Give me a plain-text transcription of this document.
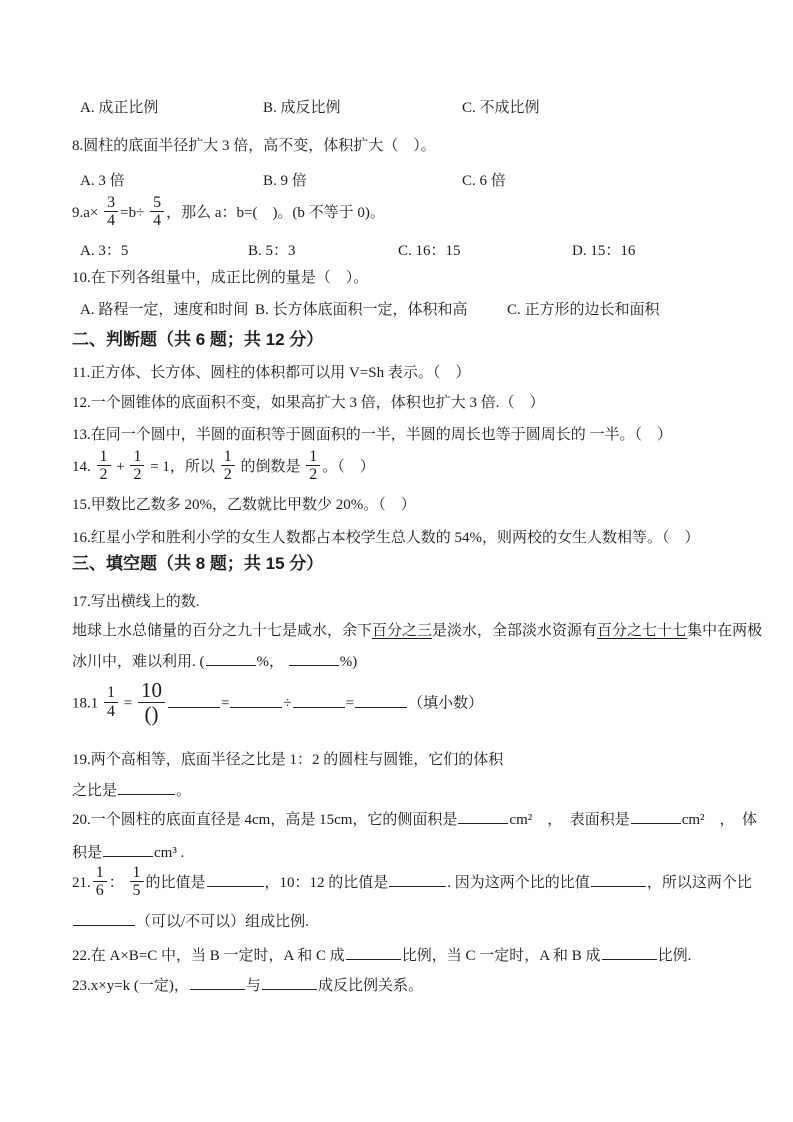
A. 成正比例	B. 成反比例	C. 不成比例
8.圆柱的底面半径扩大 3 倍，高不变，体积扩大（　）。
A. 3 倍	B. 9 倍	C. 6 倍
$9.a\times \frac{3}{4} =b\div \frac{5}{4}$ ，那么 a：b=(　)。(b 不等于 0)。
A. 3：5	B. 5：3	C. 16：15	D. 15：16
10.在下列各组量中，成正比例的量是（　）。
A. 路程一定，速度和时间 B. 长方体底面积一定，体积和高	C. 正方形的边长和面积
二、判断题（共 6 题；共 12 分）
11.正方体、长方体、圆柱的体积都可以用 V=Sh 表示。（　）
12.一个圆锥体的底面积不变，如果高扩大 3 倍，体积也扩大 3 倍.（　）
13.在同一个圆中，半圆的面积等于圆面积的一半，半圆的周长也等于圆周长的 一半。（　）
14. $\frac{1}{2} + \frac{1}{2} = 1$，所以 $\frac{1}{2}$ 的倒数是 $\frac{1}{2}$ 。（　）
15.甲数比乙数多 20%，乙数就比甲数少 20%。（　）
16.红星小学和胜利小学的女生人数都占本校学生总人数的 54%，则两校的女生人数相等。（　）
三、填空题（共 8 题；共 15 分）
17.写出横线上的数.
地球上水总储量的百分之九十七是咸水，余下百分之三是淡水，全部淡水资源有百分之七十七集中在两极
冰川中，难以利用. (	%，	%)
$18.1 \frac{1}{4} = \frac{10}{()}$	=	÷	=	（填小数）
19.两个高相等，底面半径之比是 1：2 的圆柱与圆锥，它们的体积
之比是	。
20.一个圆柱的底面直径是 4cm，高是 15cm，它的侧面积是	cm²　，　表面积是	cm²　，　体
积是	cm³ .
21. $\frac{1}{6}$ ： $\frac{1}{5}$ 的比值是	，10：12 的比值是	. 因为这两个比的比值	，所以这两个比
（可以/不可以）组成比例.
22.在 A×B=C 中，当 B 一定时，A 和 C 成	比例，当 C 一定时，A 和 B 成	比例.
23.x×y=k (一定)，	与	成反比例关系。
